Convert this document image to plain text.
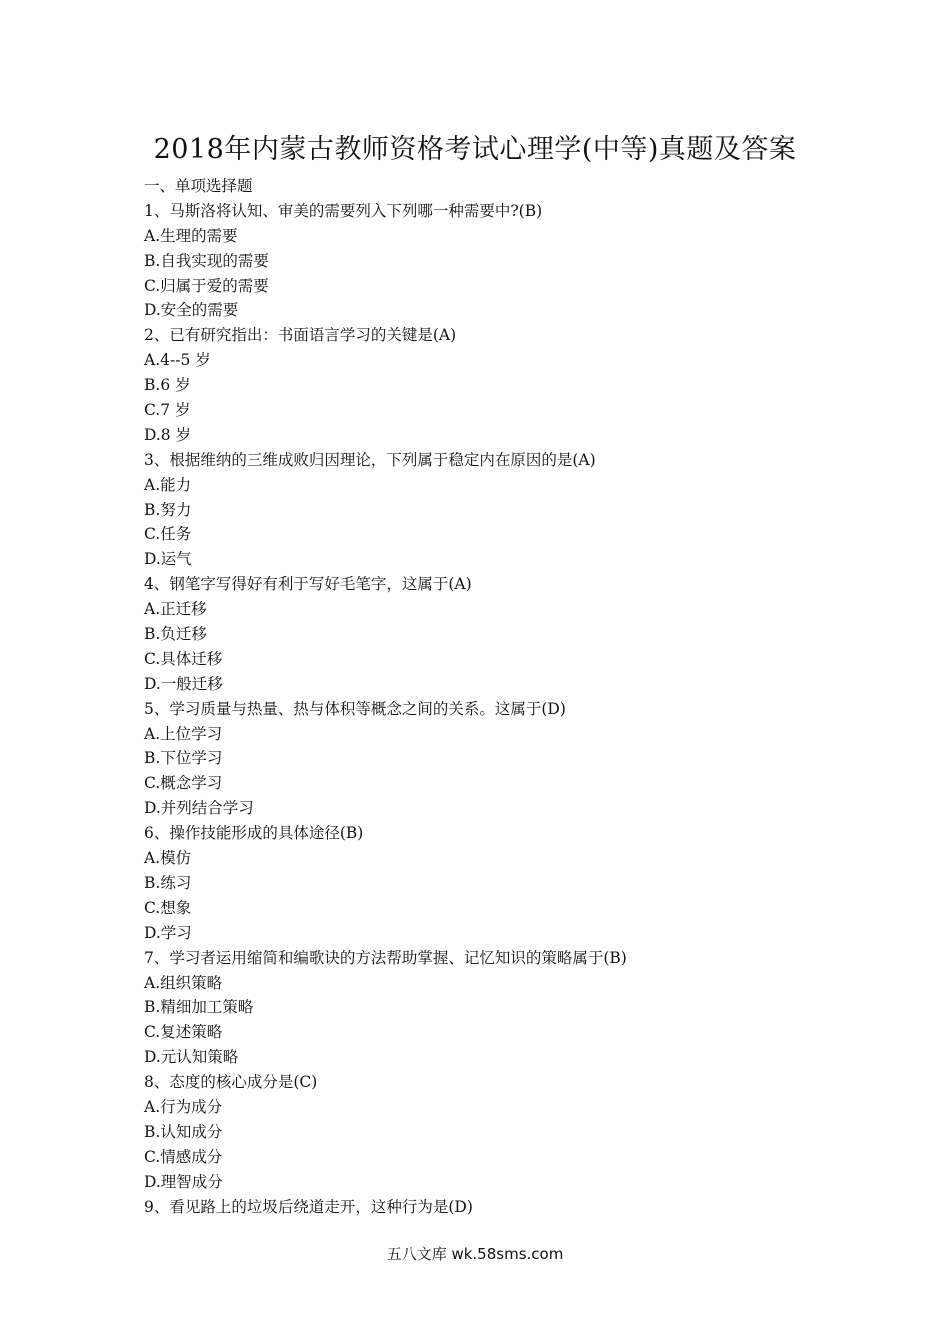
2018年内蒙古教师资格考试心理学(中等)真题及答案
一、单项选择题
1、马斯洛将认知、审美的需要列入下列哪一种需要中?(B)
A.生理的需要
B.自我实现的需要
C.归属于爱的需要
D.安全的需要
2、已有研究指出：书面语言学习的关键是(A)
A.4--5 岁
B.6 岁
C.7 岁
D.8 岁
3、根据维纳的三维成败归因理论，下列属于稳定内在原因的是(A)
A.能力
B.努力
C.任务
D.运气
4、钢笔字写得好有利于写好毛笔字，这属于(A)
A.正迁移
B.负迁移
C.具体迁移
D.一般迁移
5、学习质量与热量、热与体积等概念之间的关系。这属于(D)
A.上位学习
B.下位学习
C.概念学习
D.并列结合学习
6、操作技能形成的具体途径(B)
A.模仿
B.练习
C.想象
D.学习
7、学习者运用缩简和编歌诀的方法帮助掌握、记忆知识的策略属于(B)
A.组织策略
B.精细加工策略
C.复述策略
D.元认知策略
8、态度的核心成分是(C)
A.行为成分
B.认知成分
C.情感成分
D.理智成分
9、看见路上的垃圾后绕道走开，这种行为是(D)
五八文库 wk.58sms.com
